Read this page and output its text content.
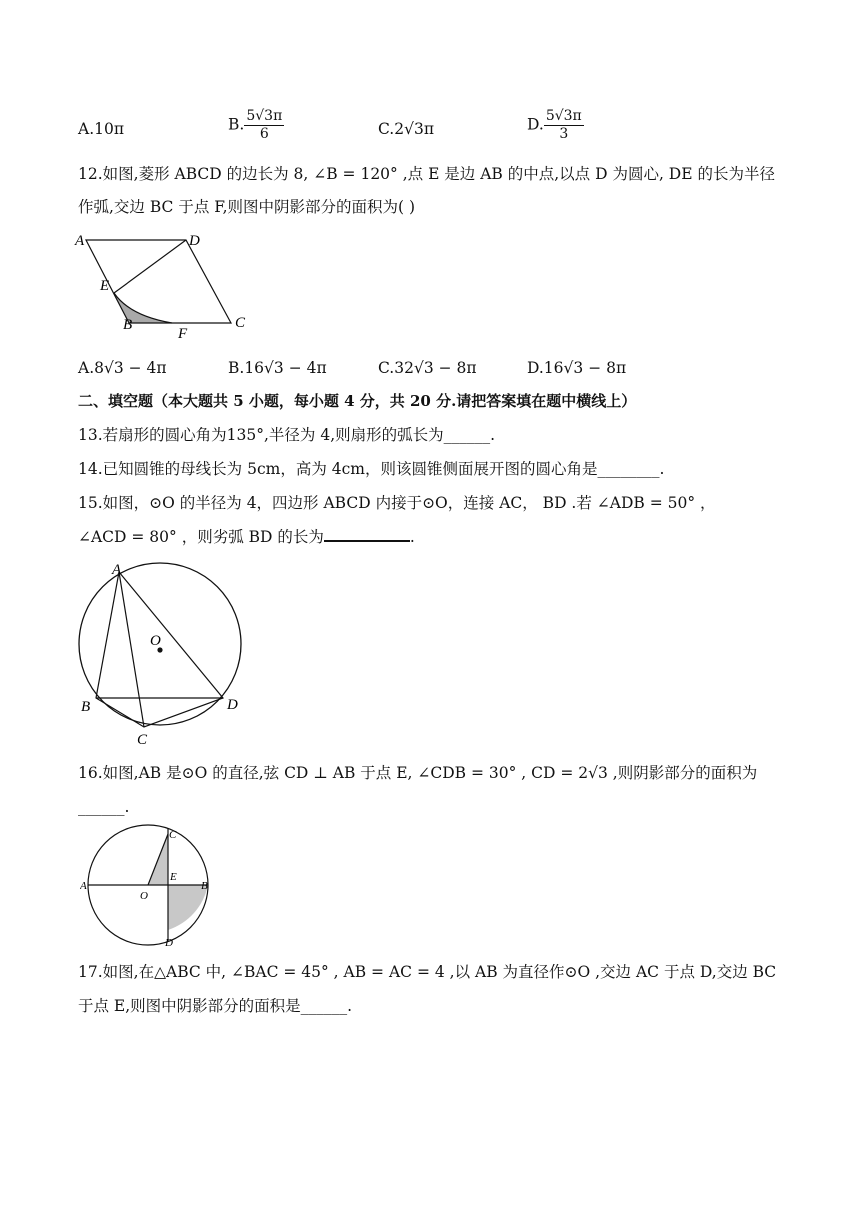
A.10π	B. $\frac{5√3\pi}{6}$	C.2√3π	D. $\frac{5√3\pi}{3}$
12.如图,菱形 ABCD 的边长为 8, ∠B = 120° ,点 E 是边 AB 的中点,以点 D 为圆心, DE 的长为半径
作弧,交边 BC 于点 F,则图中阴影部分的面积为( )
A	D
E
B
F
C
A.8√3 − 4π	B.16√3 − 4π	C.32√3 − 8π	D.16√3 − 8π
二、填空题（本大题共 5 小题，每小题 4 分，共 20 分.请把答案填在题中横线上）
13.若扇形的圆心角为135°,半径为 4,则扇形的弧长为______.
14.已知圆锥的母线长为 5cm，高为 4cm，则该圆锥侧面展开图的圆心角是________.
15.如图，⊙O 的半径为 4，四边形 ABCD 内接于⊙O，连接 AC， BD .若 ∠ADB = 50° ，
∠ACD = 80° ，则劣弧 BD 的长为	.
A
O
B
C
D
16.如图,AB 是⊙O 的直径,弦 CD ⊥ AB 于点 E, ∠CDB = 30° , CD = 2√3 ,则阴影部分的面积为
______.
A	B
C
D
E
O
17.如图,在△ABC 中, ∠BAC = 45° , AB = AC = 4 ,以 AB 为直径作⊙O ,交边 AC 于点 D,交边 BC
于点 E,则图中阴影部分的面积是______.
